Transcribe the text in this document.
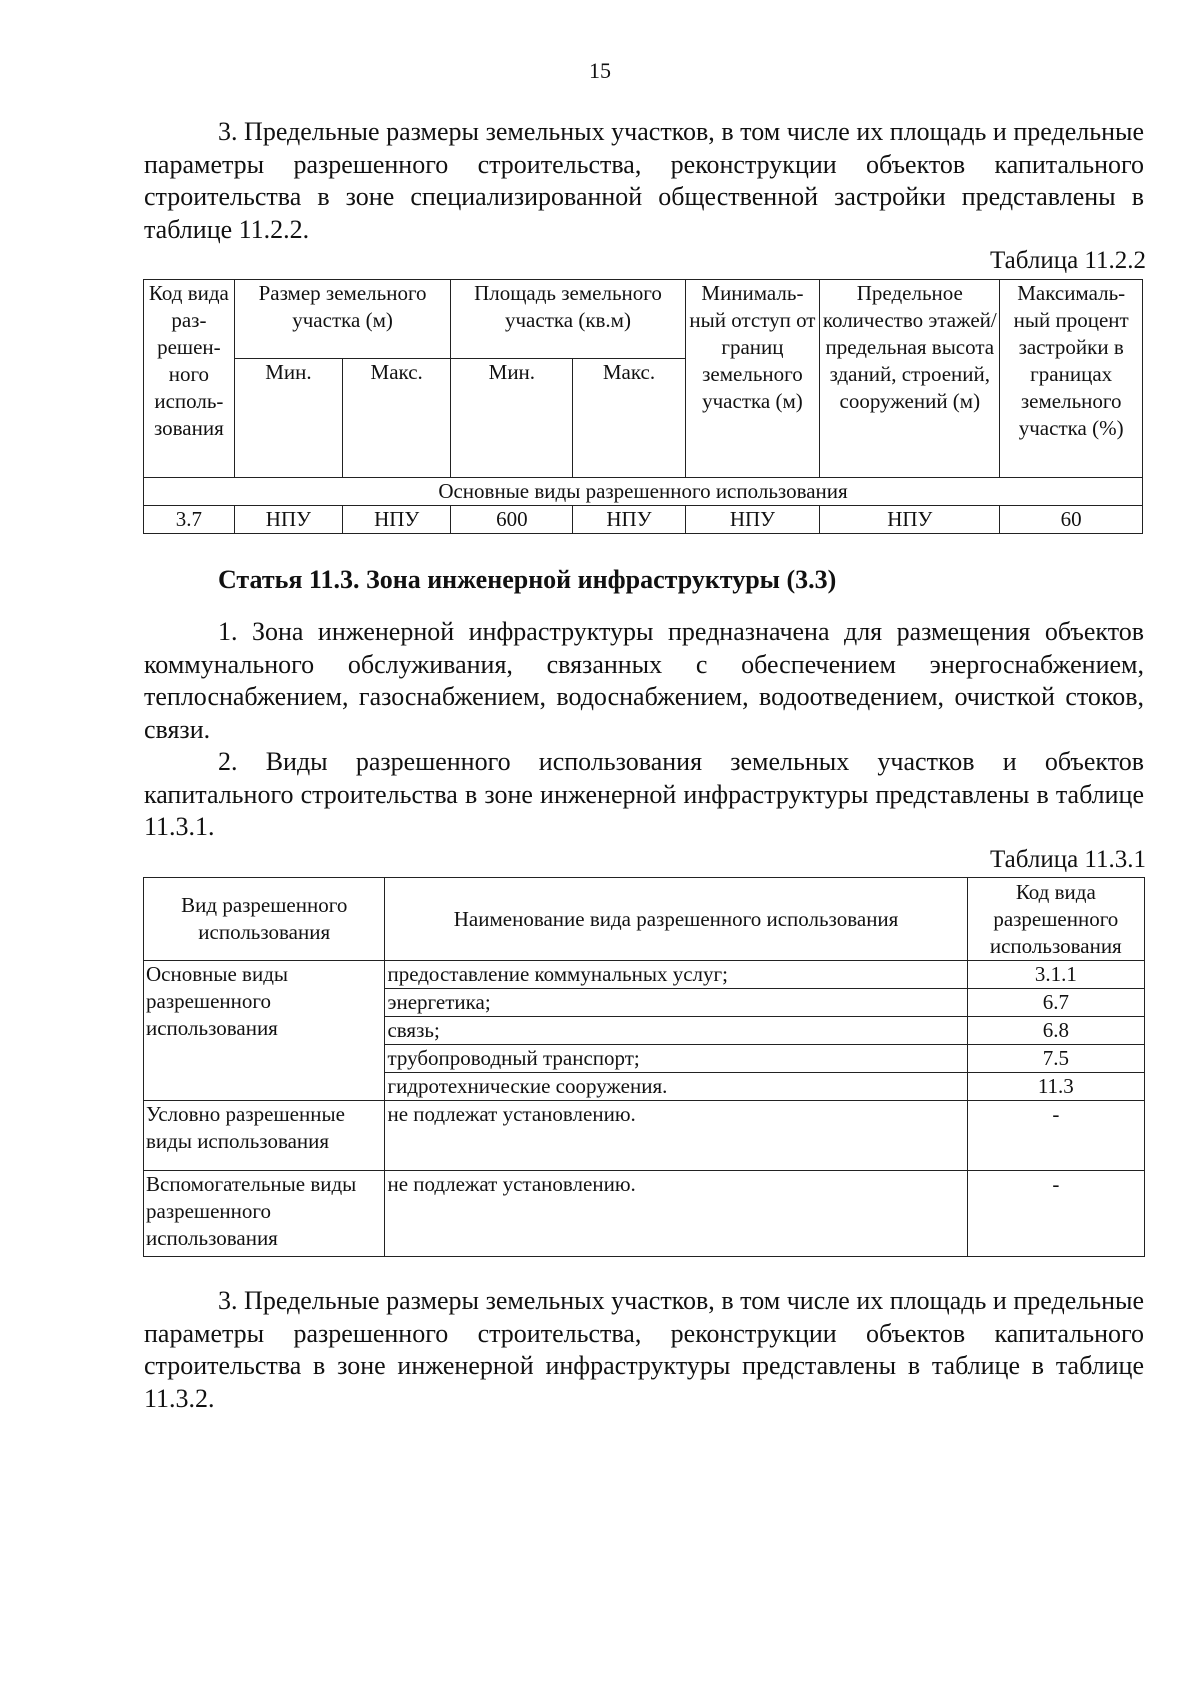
15

3. Предельные размеры земельных участков, в том числе их площадь и предельные параметры разрешенного строительства, реконструкции объектов капитального строительства в зоне специализированной общественной застройки представлены в таблице 11.2.2.

Таблица 11.2.2
Код вида раз-решен-ного исполь-зования	Размер земельного участка (м)		Площадь земельного участка (кв.м)		Минималь-ный отступ от границ земельного участка (м)	Предельное количество этажей/ предельная высота зданий, строений, сооружений (м)	Максималь-ный процент застройки в границах земельного участка (%)
	Мин.	Макс.	Мин.	Макс.			
Основные виды разрешенного использования							
3.7	НПУ	НПУ	600	НПУ	НПУ	НПУ	60
Статья 11.3. Зона инженерной инфраструктуры (3.3)

1. Зона инженерной инфраструктуры предназначена для размещения объектов коммунального обслуживания, связанных с обеспечением энергоснабжением, теплоснабжением, газоснабжением, водоснабжением, водоотведением, очисткой стоков, связи.

2. Виды разрешенного использования земельных участков и объектов капитального строительства в зоне инженерной инфраструктуры представлены в таблице 11.3.1.

Таблица 11.3.1
Вид разрешенного использования	Наименование вида разрешенного использования	Код вида разрешенного использования
Основные виды разрешенного использования	предоставление коммунальных услуг;	3.1.1
	энергетика;	6.7
	связь;	6.8
	трубопроводный транспорт;	7.5
	гидротехнические сооружения.	11.3
Условно разрешенные виды использования	не подлежат установлению.	-
Вспомогательные виды разрешенного использования	не подлежат установлению.	-

3. Предельные размеры земельных участков, в том числе их площадь и предельные параметры разрешенного строительства, реконструкции объектов капитального строительства в зоне инженерной инфраструктуры представлены в таблице в таблице 11.3.2.
